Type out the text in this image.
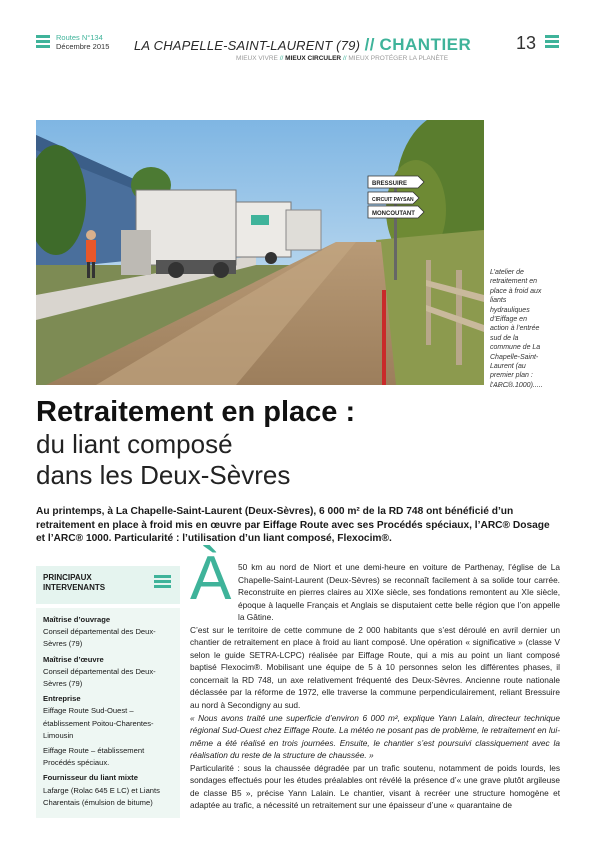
Routes N°134
Décembre 2015 LA CHAPELLE-SAINT-LAURENT (79) // CHANTIER 13
MIEUX VIVRE // MIEUX CIRCULER // MIEUX PROTÉGER LA PLANÈTE
BRESSUIRE
CIRCUIT PAYSAN
MONCOUTANT
L’atelier de retraitement en place à froid aux liants hydrauliques d’Eiffage en action à l’entrée sud de la commune de La Chapelle-Saint-Laurent (au premier plan : l’ARC® 1000).
Retraitement en place :
du liant composé
dans les Deux-Sèvres
Au printemps, à La Chapelle-Saint-Laurent (Deux-Sèvres), 6 000 m² de la RD 748 ont bénéficié d’un retraitement en place à froid mis en œuvre par Eiffage Route avec ses Procédés spéciaux, l’ARC® Dosage et l’ARC® 1000. Particularité : l’utilisation d’un liant composé, Flexocim®.
PRINCIPAUX INTERVENANTS
Maîtrise d’ouvrage
Conseil départemental des Deux-Sèvres (79)
Maîtrise d’œuvre
Conseil départemental des Deux-Sèvres (79)
Entreprise
Eiffage Route Sud-Ouest – établissement Poitou-Charentes-Limousin
Eiffage Route – établissement Procédés spéciaux.
Fournisseur du liant mixte
Lafarge (Rolac 645 E LC) et Liants Charentais (émulsion de bitume)
À 50 km au nord de Niort et une demi-heure en voiture de Parthenay, l’église de La Chapelle-Saint-Laurent (Deux-Sèvres) se reconnaît facilement à sa solide tour carrée. Reconstruite en pierres claires au XIXe siècle, ses fondations remontent au XIe siècle, époque à laquelle Français et Anglais se disputaient cette belle région que l’on appelle la Gâtine.

C’est sur le territoire de cette commune de 2 000 habitants que s’est déroulé en avril dernier un chantier de retraitement en place à froid au liant composé. Une opération « significative » (classe V selon le guide SETRA-LCPC) réalisée par Eiffage Route, qui a mis au point un liant composé baptisé Flexocim®. Mobilisant une équipe de 5 à 10 personnes selon les différentes phases, il concernait la RD 748, un axe relativement fréquenté des Deux-Sèvres. Ancienne route nationale déclassée par la réforme de 1972, elle traverse la commune perpendiculairement, reliant Bressuire au nord à Secondigny au sud.

« Nous avons traité une superficie d’environ 6 000 m², explique Yann Lalain, directeur technique régional Sud-Ouest chez Eiffage Route. La météo ne posant pas de problème, le retraitement en lui-même a été réalisé en trois journées. Ensuite, le chantier s’est poursuivi classiquement avec la réalisation du reste de la structure de chaussée. »

Particularité : sous la chaussée dégradée par un trafic soutenu, notamment de poids lourds, les sondages effectués pour les études préalables ont révélé la présence d’« une grave plutôt argileuse de classe B5 », précise Yann Lalain. Le chantier, visant à recréer une structure homogène et adaptée au trafic, a nécessité un retraitement sur une épaisseur d’une « quarantaine de
